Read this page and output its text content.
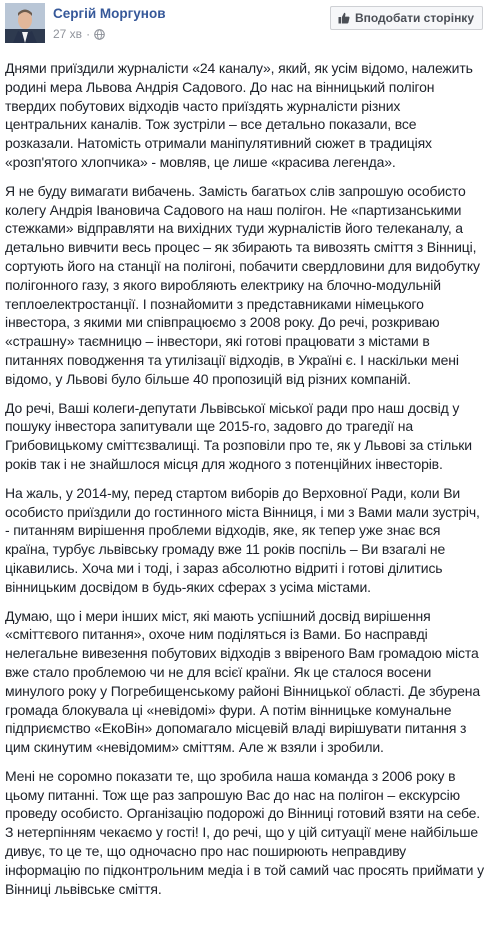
Сергій Моргунов
27 хв ·
Вподобати сторінку

Днями приїздили журналісти «24 каналу», який, як усім відомо, належить родині мера Львова Андрія Садового. До нас на вінницький полігон твердих побутових відходів часто приїздять журналісти різних центральних каналів. Тож зустріли – все детально показали, все розказали. Натомість отримали маніпулятивний сюжет в традиціях «розп'ятого хлопчика» - мовляв, це лише «красива легенда».

Я не буду вимагати вибачень. Замість багатьох слів запрошую особисто колегу Андрія Івановича Садового на наш полігон. Не «партизанськими стежками» відправляти на вихідних туди журналістів його телеканалу, а детально вивчити весь процес – як збирають та вивозять сміття з Вінниці, сортують його на станції на полігоні, побачити свердловини для видобутку полігонного газу, з якого виробляють електрику на блочно-модульній теплоелектростанції. І познайомити з представниками німецького інвестора, з якими ми співпрацюємо з 2008 року. До речі, розкриваю «страшну» таємницю – інвестори, які готові працювати з містами в питаннях поводження та утилізації відходів, в Україні є. І наскільки мені відомо, у Львові було більше 40 пропозицій від різних компаній.

До речі, Ваші колеги-депутати Львівської міської ради про наш досвід у пошуку інвестора запитували ще 2015-го, задовго до трагедії на Грибовицькому сміттєзвалищі. Та розповіли про те, як у Львові за стільки років так і не знайшлося місця для жодного з потенційних інвесторів.

На жаль, у 2014-му, перед стартом виборів до Верховної Ради, коли Ви особисто приїздили до гостинного міста Вінниця, і ми з Вами мали зустріч, - питанням вирішення проблеми відходів, яке, як тепер уже знає вся країна, турбує львівську громаду вже 11 років поспіль – Ви взагалі не цікавились. Хоча ми і тоді, і зараз абсолютно відриті і готові ділитись вінницьким досвідом в будь-яких сферах з усіма містами.

Думаю, що і мери інших міст, які мають успішний досвід вирішення «сміттєвого питання», охоче ним поділяться із Вами. Бо насправді нелегальне вивезення побутових відходів з ввіреного Вам громадою міста вже стало проблемою чи не для всієї країни. Як це сталося восени минулого року у Погребищенському районі Вінницької області. Де збурена громада блокувала ці «невідомі» фури. А потім вінницьке комунальне підприємство «ЕкоВін» допомагало місцевій владі вирішувати питання з цим скинутим «невідомим» сміттям. Але ж взяли і зробили.

Мені не соромно показати те, що зробила наша команда з 2006 року в цьому питанні. Тож ще раз запрошую Вас до нас на полігон – екскурсію проведу особисто. Організацію подорожі до Вінниці готовий взяти на себе. З нетерпінням чекаємо у гості! І, до речі, що у цій ситуації мене найбільше дивує, то це те, що одночасно про нас поширюють неправдиву інформацію по підконтрольним медіа і в той самий час просять приймати у Вінниці львівське сміття.
